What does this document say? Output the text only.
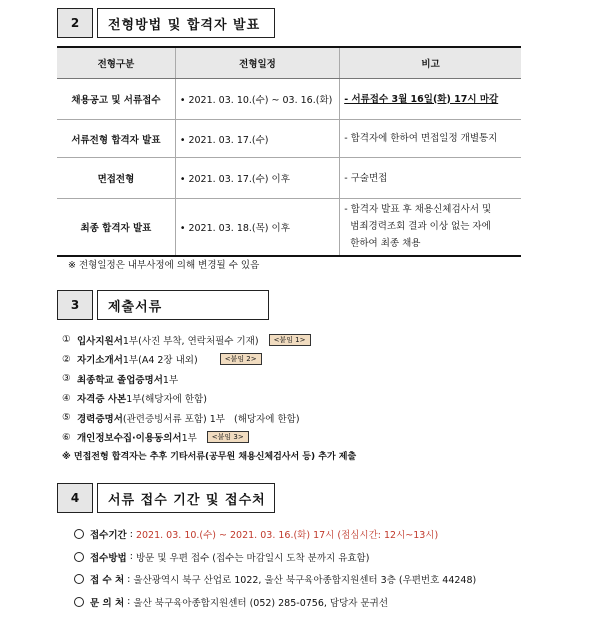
2	전형방법 및 합격자 발표
전형구분	전형일정	비고
채용공고 및 서류접수	• 2021. 03. 10.(수) ~ 03. 16.(화)	- 서류접수 3월 16일(화) 17시 마감
서류전형 합격자 발표	• 2021. 03. 17.(수)	- 합격자에 한하여 면접일정 개별통지
면접전형	• 2021. 03. 17.(수) 이후	- 구술면접
최종 합격자 발표	• 2021. 03. 18.(목) 이후	- 합격자 발표 후 채용신체검사서 및
범죄경력조회 결과 이상 없는 자에
한하여 최종 채용
※ 전형일정은 내부사정에 의해 변경될 수 있음
3	제출서류
① 입사지원서 1부(사진 부착, 연락처필수 기재)	<붙임 1>
② 자기소개서 1부(A4 2장 내외)	<붙임 2>
③ 최종학교 졸업증명서 1부
④ 자격증 사본 1부(해당자에 한함)
⑤ 경력증명서 (관련증빙서류 포함) 1부   (해당자에 한함)
⑥ 개인정보수집·이용동의서 1부	<붙임 3>
※ 면접전형 합격자는 추후 기타서류(공무원 채용신체검사서 등) 추가 제출
4	서류 접수 기간 및 접수처
접수기간 : 2021. 03. 10.(수) ~ 2021. 03. 16.(화) 17시 (점심시간: 12시~13시)
접수방법 : 방문 및 우편 접수 (접수는 마감일시 도착 분까지 유효함)
접 수 처 : 울산광역시 북구 산업로 1022, 울산 북구육아종합지원센터 3층 (우편번호 44248)
문 의 처 : 울산 북구육아종합지원센터 (052) 285-0756, 담당자 문귀선
